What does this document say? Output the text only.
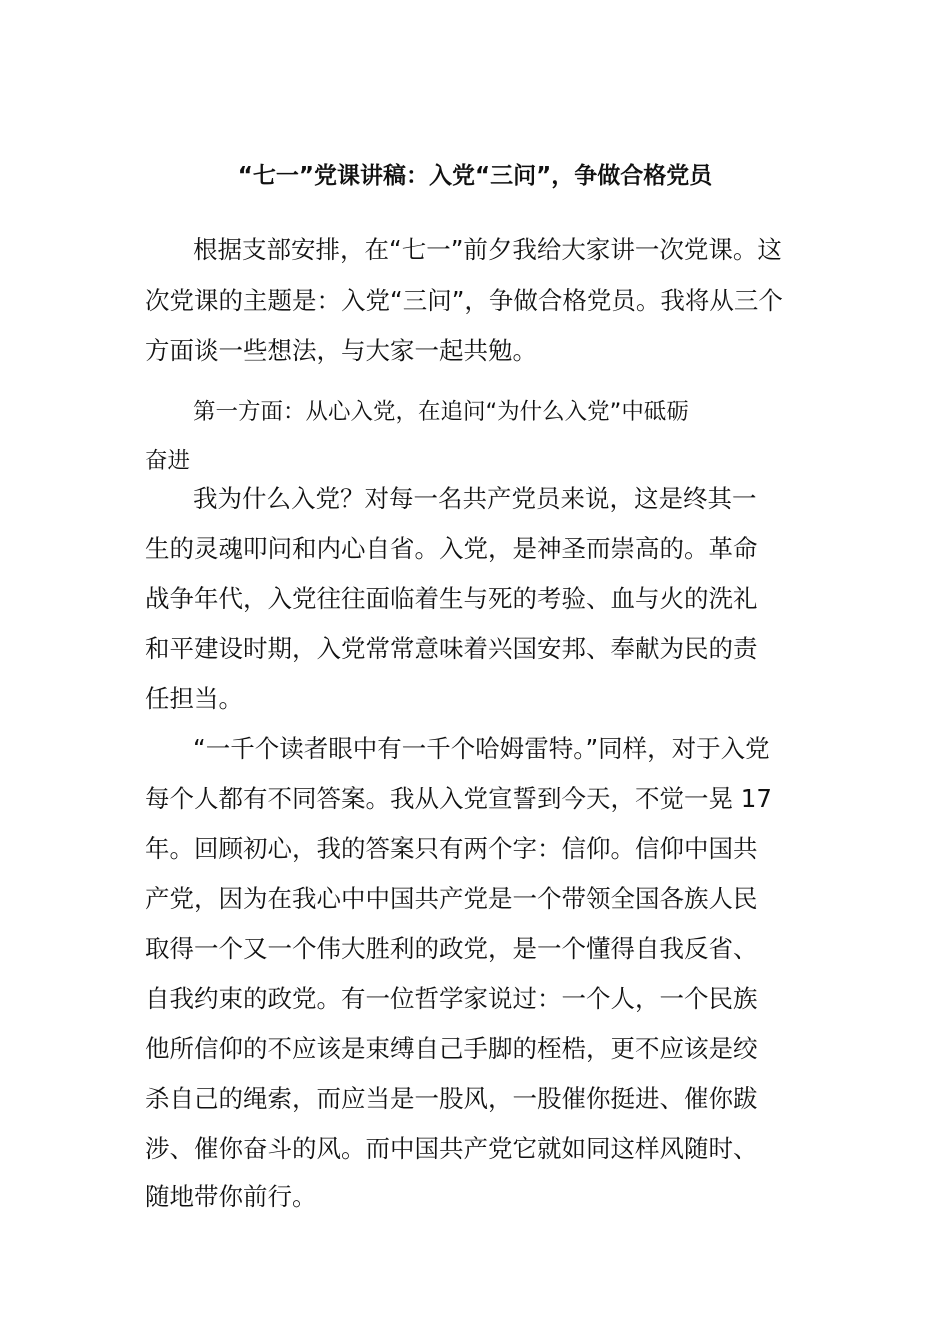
“七一”党课讲稿：入党“三问”，争做合格党员
根据支部安排，在“七一”前夕我给大家讲一次党课。这
次党课的主题是：入党“三问”，争做合格党员。我将从三个
方面谈一些想法，与大家一起共勉。
第一方面：从心入党，在追问“为什么入党”中砥砺
奋进
我为什么入党？对每一名共产党员来说，这是终其一
生的灵魂叩问和内心自省。入党，是神圣而崇高的。革命
战争年代，入党往往面临着生与死的考验、血与火的洗礼
和平建设时期，入党常常意味着兴国安邦、奉献为民的责
任担当。
“一千个读者眼中有一千个哈姆雷特。”同样，对于入党
每个人都有不同答案。我从入党宣誓到今天，不觉一晃 17
年。回顾初心，我的答案只有两个字：信仰。信仰中国共
产党，因为在我心中中国共产党是一个带领全国各族人民
取得一个又一个伟大胜利的政党，是一个懂得自我反省、
自我约束的政党。有一位哲学家说过：一个人，一个民族
他所信仰的不应该是束缚自己手脚的桎梏，更不应该是绞
杀自己的绳索，而应当是一股风，一股催你挺进、催你跋
涉、催你奋斗的风。而中国共产党它就如同这样风随时、
随地带你前行。
